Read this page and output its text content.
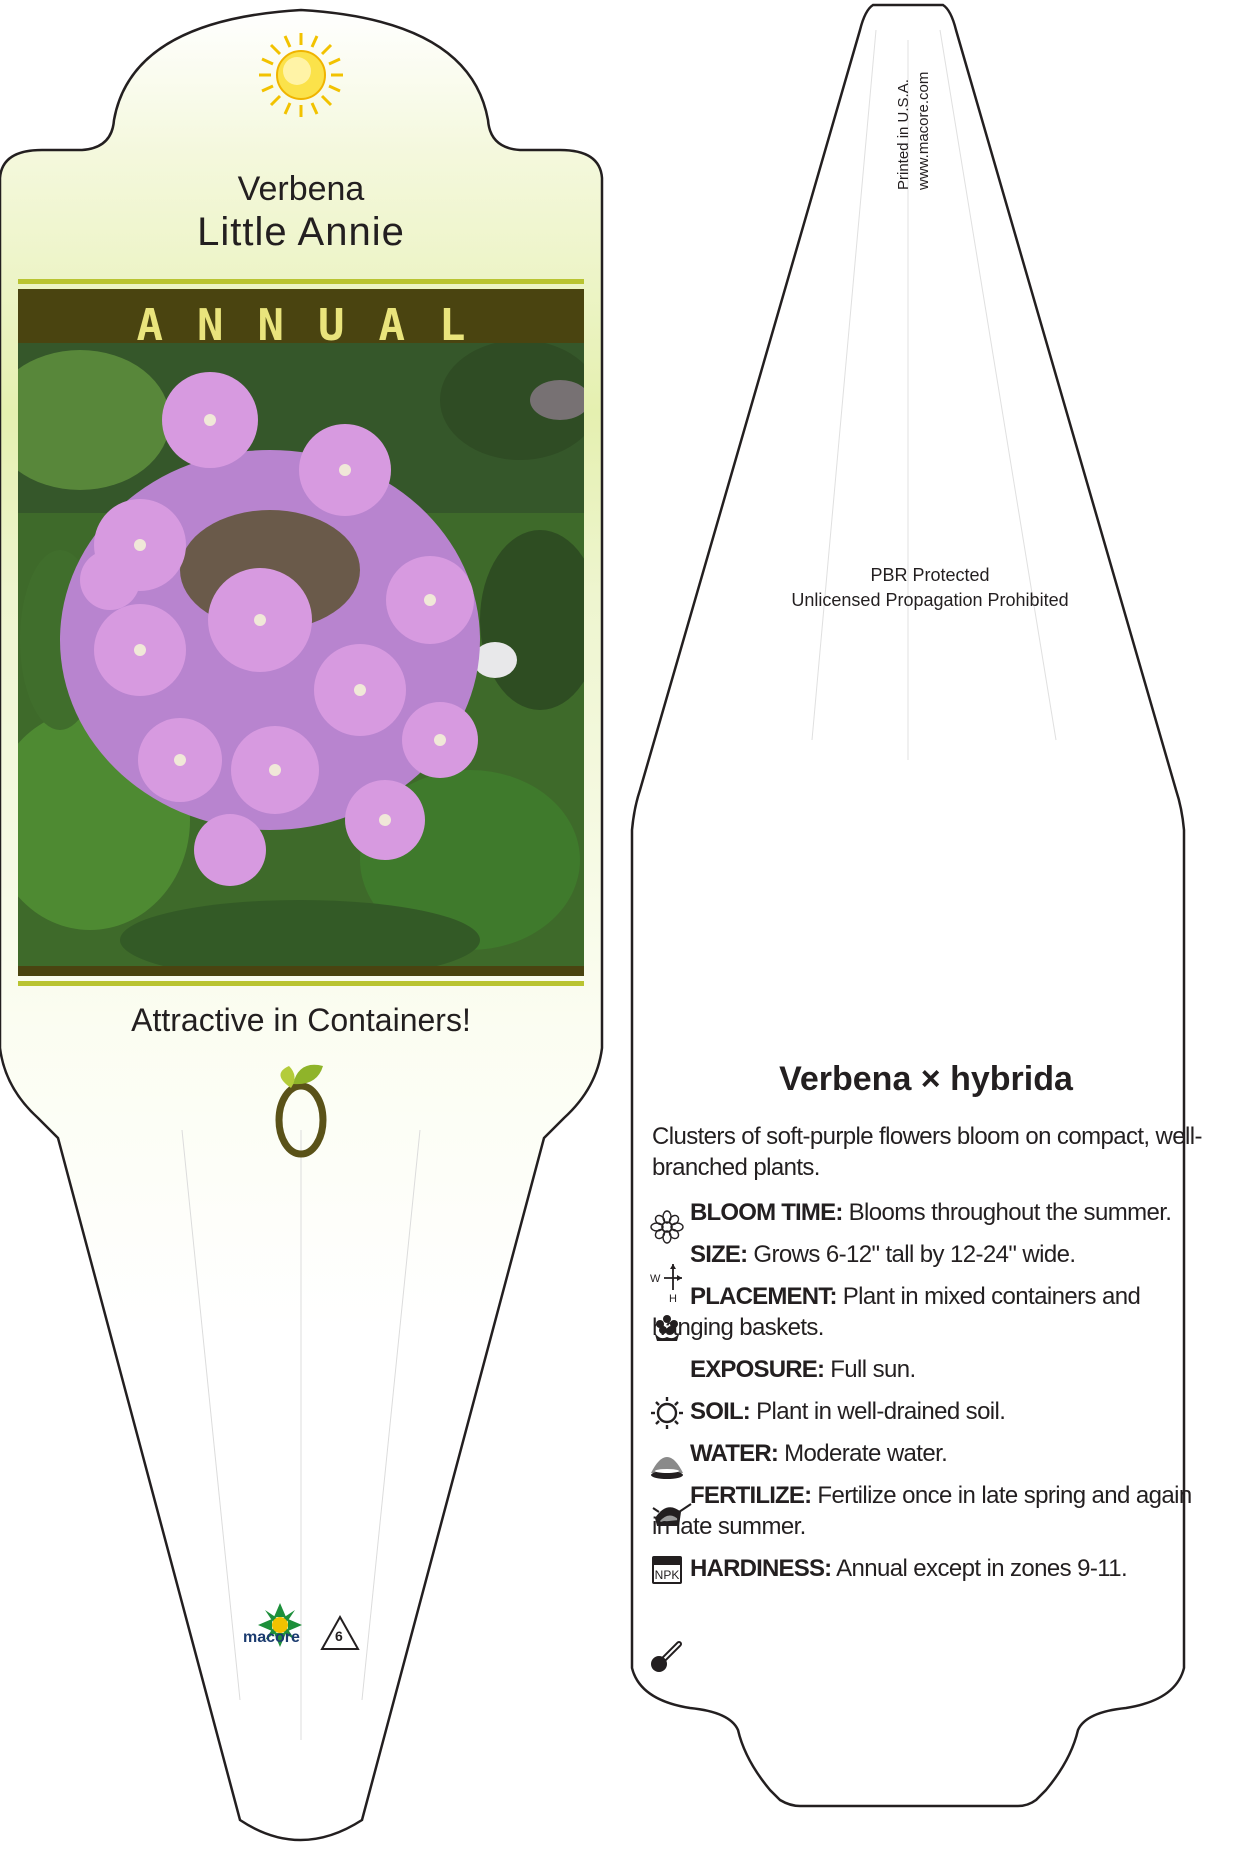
W
H
NPK
Verbena
Little Annie
ANNUAL
Attractive in Containers!
macore	6
Printed in U.S.A. www.macore.com
PBR Protected
Unlicensed Propagation Prohibited
Verbena × hybrida
Clusters of soft-purple flowers bloom on compact, well-branched plants.
BLOOM TIME: Blooms throughout the summer.
SIZE: Grows 6-12" tall by 12-24" wide.
PLACEMENT: Plant in mixed containers and hanging baskets.
EXPOSURE: Full sun.
SOIL: Plant in well-drained soil.
WATER: Moderate water.
FERTILIZE: Fertilize once in late spring and again in late summer.
HARDINESS: Annual except in zones 9-11.
